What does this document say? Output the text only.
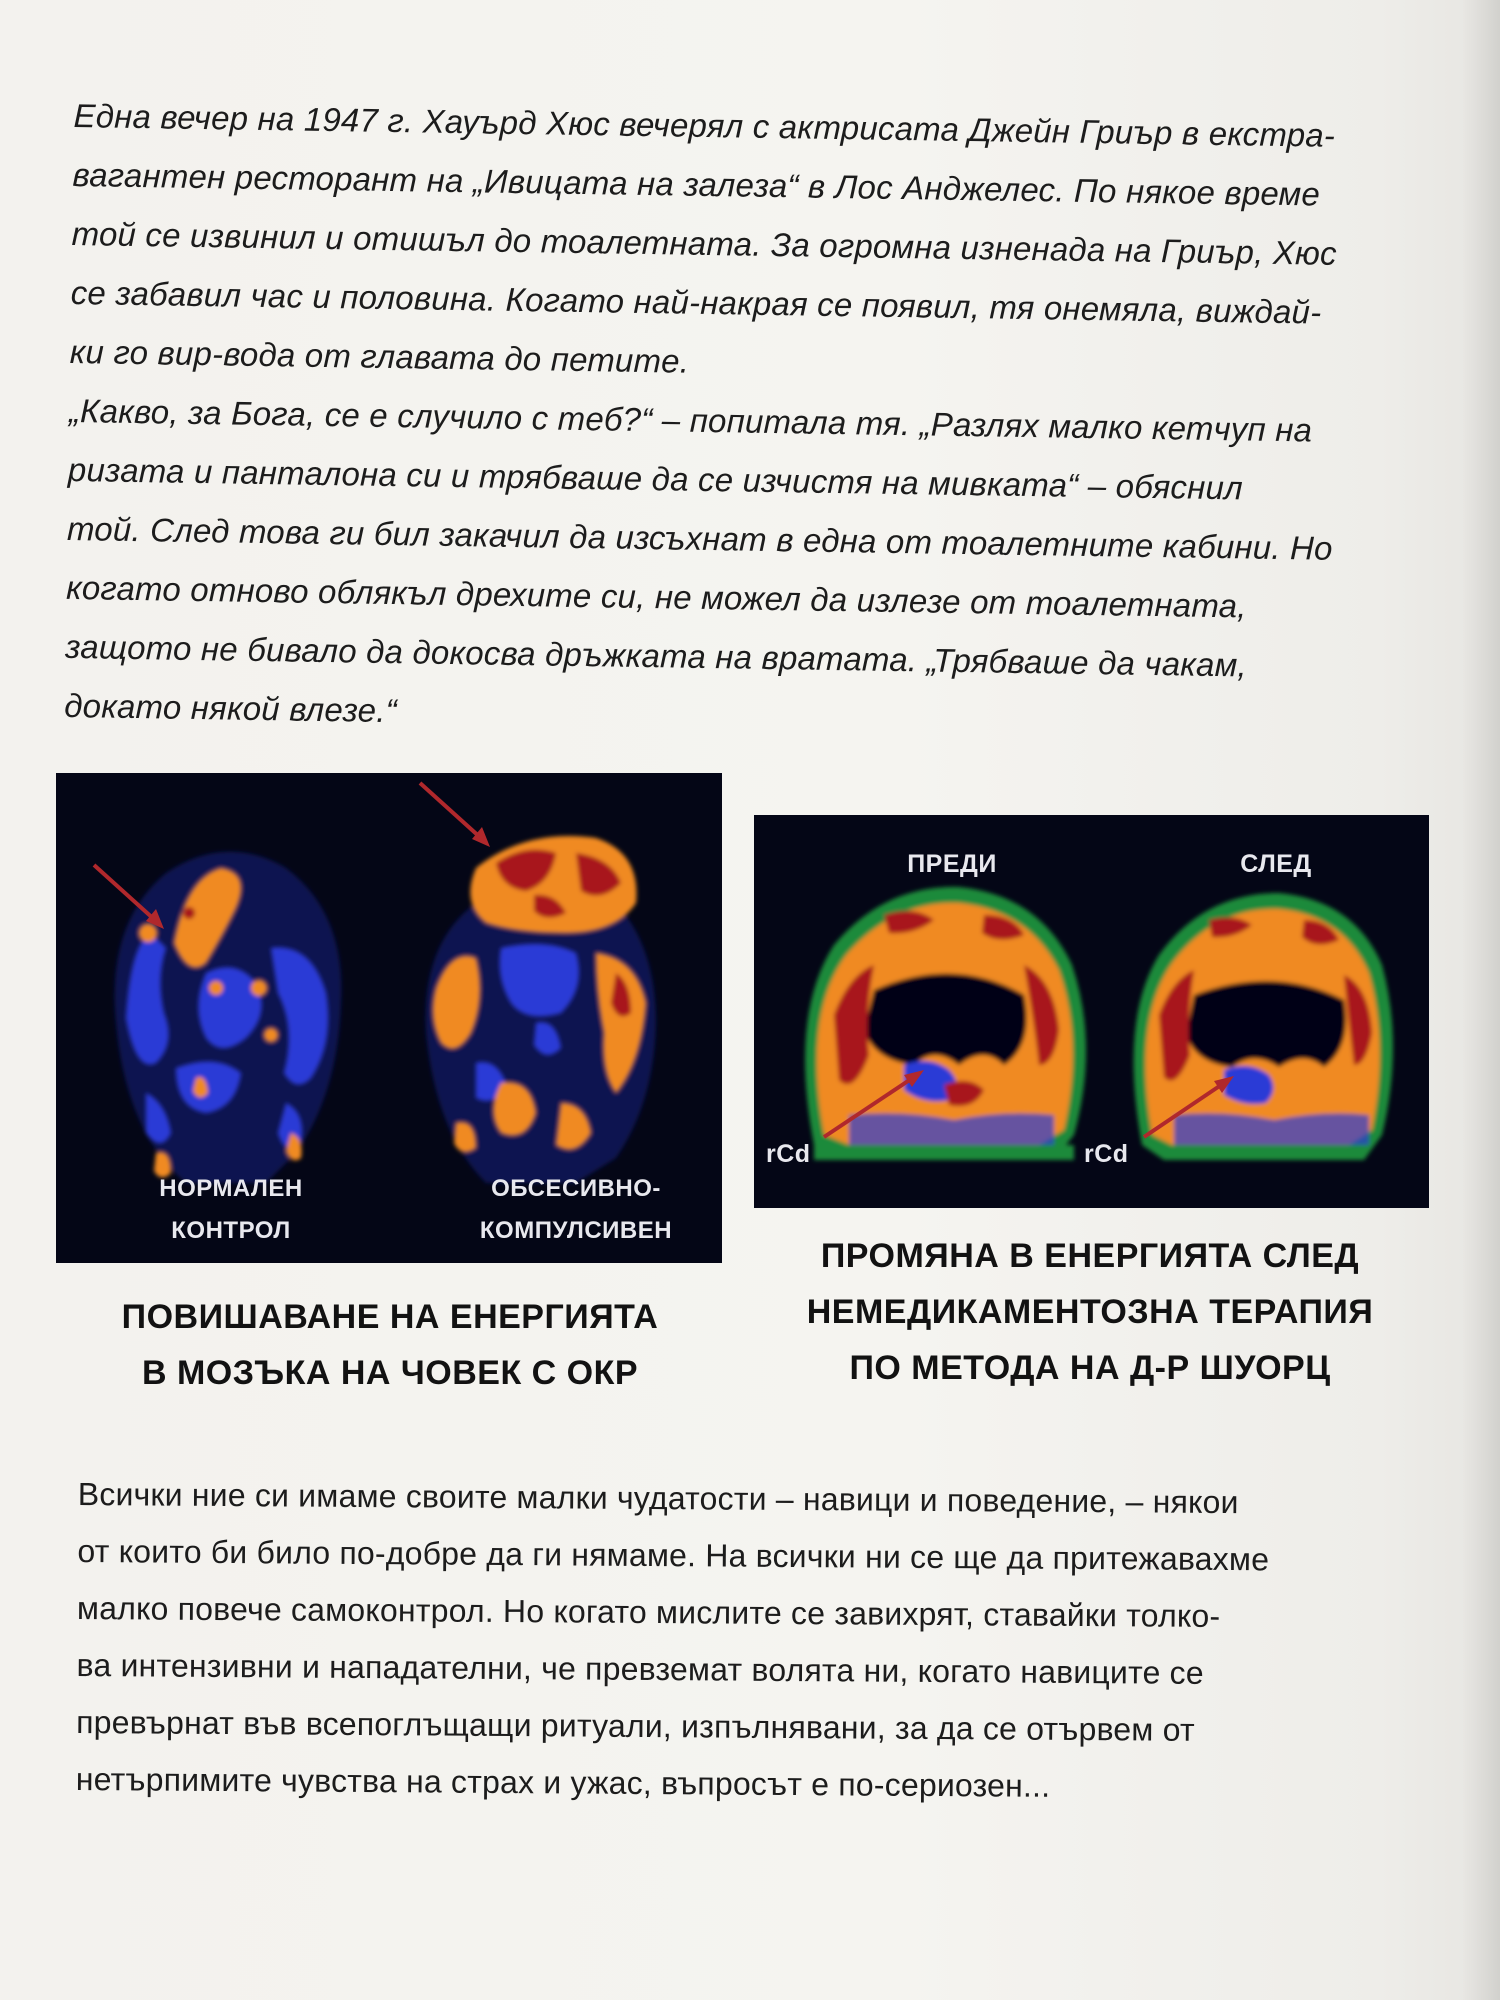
Една вечер на 1947 г. Хауърд Хюс вечерял с актрисата Джейн Гриър в екстра-
вагантен ресторант на „Ивицата на залеза“ в Лос Анджелес. По някое време
той се извинил и отишъл до тоалетната. За огромна изненада на Гриър, Хюс
се забавил час и половина. Когато най-накрая се появил, тя онемяла, виждай-
ки го вир-вода от главата до петите.
„Какво, за Бога, се е случило с теб?“ – попитала тя. „Разлях малко кетчуп на
ризата и панталона си и трябваше да се изчистя на мивката“ – обяснил
той. След това ги бил закачил да изсъхнат в една от тоалетните кабини. Но
когато отново облякъл дрехите си, не можел да излезе от тоалетната,
защото не бивало да докосва дръжката на вратата. „Трябваше да чакам,
докато някой влезе.“

НОРМАЛЕН
КОНТРОЛ
ОБСЕСИВНО-
КОМПУЛСИВЕН
ПОВИШАВАНЕ НА ЕНЕРГИЯТА
В МОЗЪКА НА ЧОВЕК С ОКР
ПРЕДИ	СЛЕД
rCd	rCd
ПРОМЯНА В ЕНЕРГИЯТА СЛЕД
НЕМЕДИКАМЕНТОЗНА ТЕРАПИЯ
ПО МЕТОДА НА Д-Р ШУОРЦ

Всички ние си имаме своите малки чудатости – навици и поведение, – някои
от които би било по-добре да ги нямаме. На всички ни се ще да притежавахме
малко повече самоконтрол. Но когато мислите се завихрят, ставайки толко-
ва интензивни и нападателни, че превземат волята ни, когато навиците се
превърнат във всепоглъщащи ритуали, изпълнявани, за да се отървем от
нетърпимите чувства на страх и ужас, въпросът е по-сериозен...
